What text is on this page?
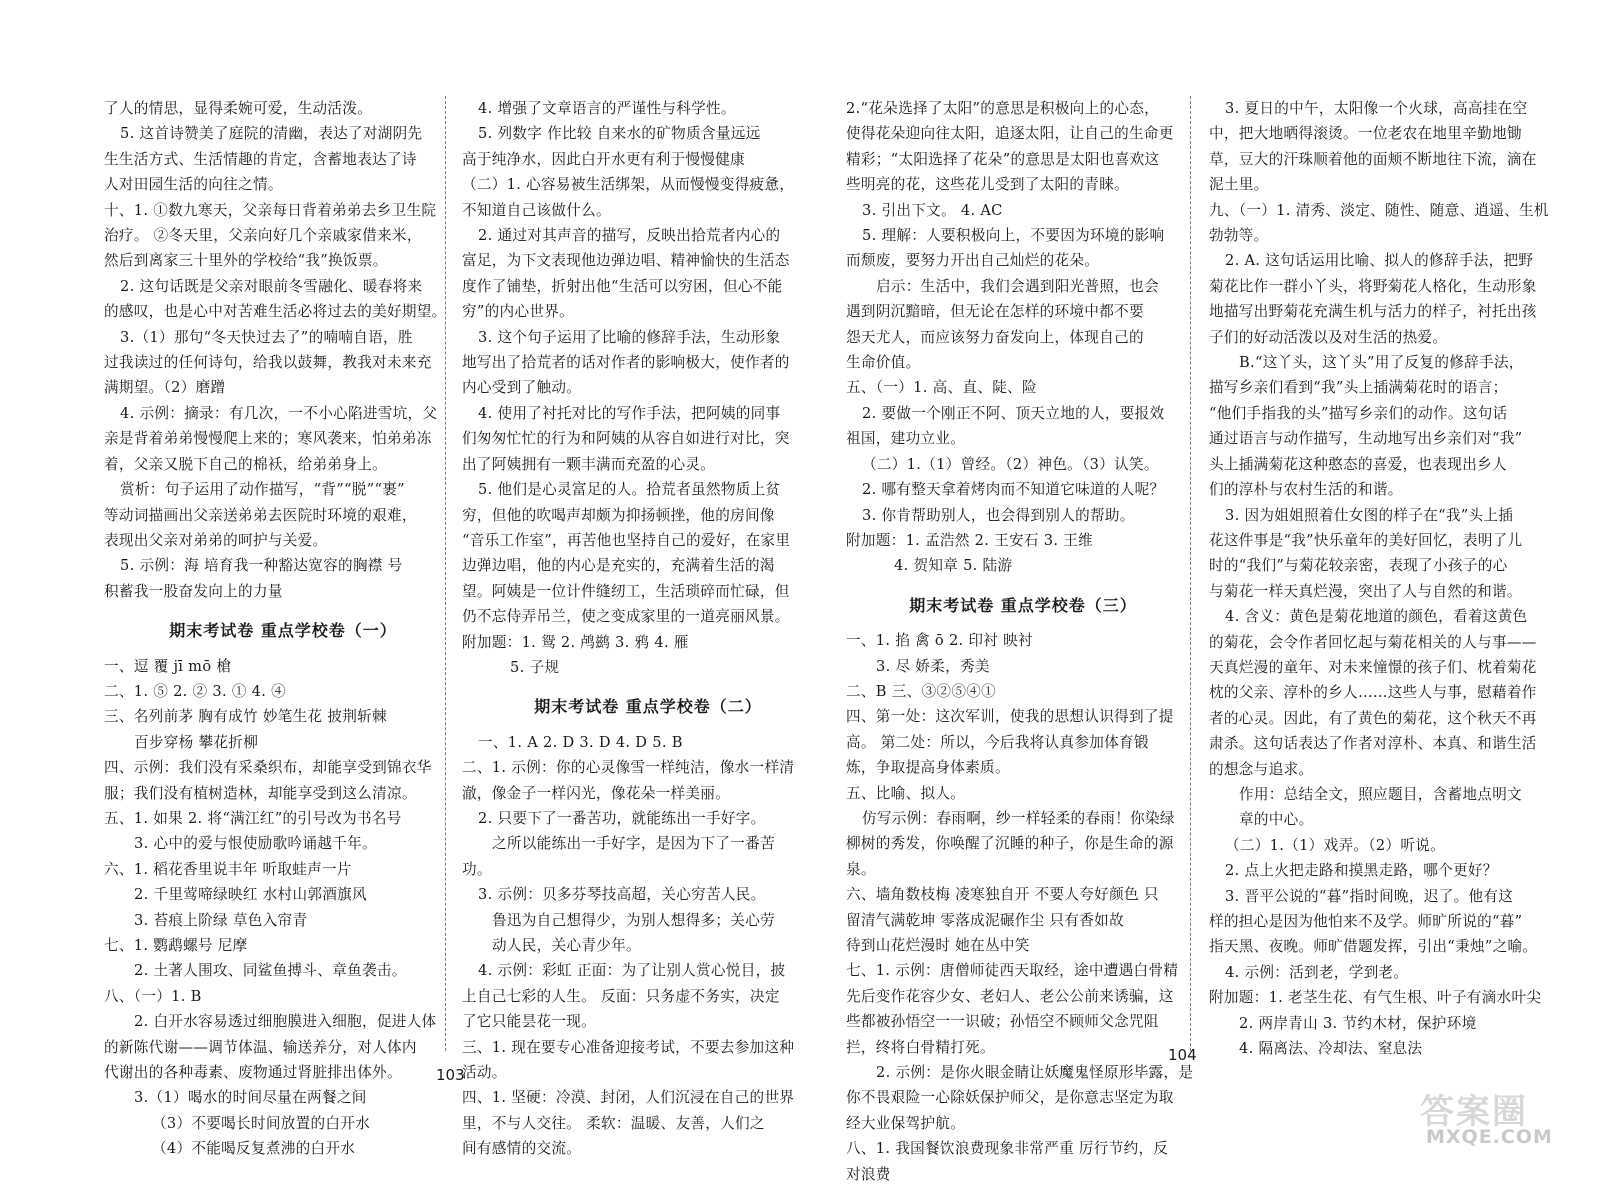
了人的情思，显得柔婉可爱，生动活泼。
5. 这首诗赞美了庭院的清幽，表达了对湖阴先
生生活方式、生活情趣的肯定，含蓄地表达了诗
人对田园生活的向往之情。
十、1. ①数九寒天，父亲每日背着弟弟去乡卫生院
治疗。 ②冬天里，父亲向好几个亲戚家借来米，
然后到离家三十里外的学校给“我”换饭票。
2. 这句话既是父亲对眼前冬雪融化、暖春将来
的感叹，也是心中对苦难生活必将过去的美好期望。
3.（1）那句“冬天快过去了”的喃喃自语，胜
过我读过的任何诗句，给我以鼓舞，教我对未来充
满期望。（2）磨蹭
4. 示例：摘录：有几次，一不小心陷进雪坑，父
亲是背着弟弟慢慢爬上来的；寒风袭来，怕弟弟冻
着，父亲又脱下自己的棉袄，给弟弟身上。
赏析：句子运用了动作描写，“背”“脱”“裹”
等动词描画出父亲送弟弟去医院时环境的艰难，
表现出父亲对弟弟的呵护与关爱。
5. 示例：海 培育我一种豁达宽容的胸襟 号
积蓄我一股奋发向上的力量
期末考试卷 重点学校卷（一）
一、逗 覆 jī mō 槍
二、1. ⑤ 2. ② 3. ① 4. ④
三、名列前茅 胸有成竹 妙笔生花 披荆斩棘
百步穿杨 攀花折柳
四、示例：我们没有采桑织布，却能享受到锦衣华
服；我们没有植树造林，却能享受到这么清凉。
五、1. 如果 2. 将“满江红”的引号改为书名号
3. 心中的爱与恨使励歌吟诵越千年。
六、1. 稻花香里说丰年 听取蛙声一片
2. 千里莺啼绿映红 水村山郭酒旗风
3. 苔痕上阶绿 草色入帘青
七、1. 鹦鹉螺号 尼摩
2. 土著人围攻、同鲨鱼搏斗、章鱼袭击。
八、（一）1. B
2. 白开水容易透过细胞膜进入细胞，促进人体
的新陈代谢——调节体温、输送养分，对人体内
代谢出的各种毒素、废物通过肾脏排出体外。
3.（1）喝水的时间尽量在两餐之间
（3）不要喝长时间放置的白开水
（4）不能喝反复煮沸的白开水
4. 增强了文章语言的严谨性与科学性。
5. 列数字 作比较 自来水的矿物质含量远远
高于纯净水，因此白开水更有利于慢慢健康
（二）1. 心容易被生活绑架，从而慢慢变得疲惫，
不知道自己该做什么。
2. 通过对其声音的描写，反映出拾荒者内心的
富足，为下文表现他边弹边唱、精神愉快的生活态
度作了铺垫，折射出他“生活可以穷困，但心不能
穷”的内心世界。
3. 这个句子运用了比喻的修辞手法，生动形象
地写出了拾荒者的话对作者的影响极大，使作者的
内心受到了触动。
4. 使用了衬托对比的写作手法，把阿姨的同事
们匆匆忙忙的行为和阿姨的从容自如进行对比，突
出了阿姨拥有一颗丰满而充盈的心灵。
5. 他们是心灵富足的人。拾荒者虽然物质上贫
穷，但他的吹喝声却颇为抑扬顿挫，他的房间像
“音乐工作室”，再苦他也坚持自己的爱好，在家里
边弹边唱，他的内心是充实的，充满着生活的渴
望。阿姨是一位计件缝纫工，生活琐碎而忙碌，但
仍不忘侍弄吊兰，使之变成家里的一道亮丽风景。
附加题：1. 鸳 2. 鸬鹚 3. 鸦 4. 雁
5. 子规
期末考试卷 重点学校卷（二）
一、1. A 2. D 3. D 4. D 5. B
二、1. 示例：你的心灵像雪一样纯洁，像水一样清
澈，像金子一样闪光，像花朵一样美丽。
2. 只要下了一番苦功，就能练出一手好字。
之所以能练出一手好字，是因为下了一番苦
功。
3. 示例：贝多芬琴技高超，关心穷苦人民。
鲁迅为自己想得少，为别人想得多；关心劳
动人民，关心青少年。
4. 示例：彩虹 正面：为了让别人赏心悦目，披
上自己七彩的人生。 反面：只务虚不务实，决定
了它只能昙花一现。
三、1. 现在要专心准备迎接考试，不要去参加这种
活动。
四、1. 坚硬：冷漠、封闭，人们沉浸在自己的世界
里，不与人交往。 柔软：温暖、友善，人们之
间有感情的交流。
2.“花朵选择了太阳”的意思是积极向上的心态，
使得花朵迎向往太阳，追逐太阳，让自己的生命更
精彩；“太阳选择了花朵”的意思是太阳也喜欢这
些明亮的花，这些花儿受到了太阳的青睐。
3. 引出下文。 4. AC
5. 理解：人要积极向上，不要因为环境的影响
而颓废，要努力开出自己灿烂的花朵。
启示：生活中，我们会遇到阳光普照，也会
遇到阴沉黯暗，但无论在怎样的环境中都不要
怨天尤人，而应该努力奋发向上，体现自己的
生命价值。
五、（一）1. 高、直、陡、险
2. 要做一个刚正不阿、顶天立地的人，要报效
祖国，建功立业。
（二）1.（1）曾经。（2）神色。（3）认笑。
2. 哪有整天拿着烤肉而不知道它味道的人呢？
3. 你肯帮助别人，也会得到别人的帮助。
附加题：1. 孟浩然 2. 王安石 3. 王维
4. 贺知章 5. 陆游
期末考试卷 重点学校卷（三）
一、1. 掐 禽 ō 2. 印衬 映衬
3. 尽 娇柔，秀美
二、B 三、③②⑤④①
四、第一处：这次军训，使我的思想认识得到了提
高。 第二处：所以，今后我将认真参加体育锻
炼，争取提高身体素质。
五、比喻、拟人。
仿写示例：春雨啊，纱一样轻柔的春雨！你染绿
柳树的秀发，你唤醒了沉睡的种子，你是生命的源
泉。
六、墙角数枝梅 凌寒独自开 不要人夸好颜色 只
留清气满乾坤 零落成泥碾作尘 只有香如故
待到山花烂漫时 她在丛中笑
七、1. 示例：唐僧师徒西天取经，途中遭遇白骨精
先后变作花容少女、老妇人、老公公前来诱骗，这
些都被孙悟空一一识破；孙悟空不顾师父念咒阻
拦，终将白骨精打死。
2. 示例：是你火眼金睛让妖魔鬼怪原形毕露，是
你不畏艰险一心除妖保护师父，是你意志坚定为取
经大业保驾护航。
八、1. 我国餐饮浪费现象非常严重 厉行节约，反
对浪费
3. 夏日的中午，太阳像一个火球，高高挂在空
中，把大地晒得滚烫。一位老农在地里辛勤地锄
草，豆大的汗珠顺着他的面颊不断地往下流，滴在
泥土里。
九、（一）1. 清秀、淡定、随性、随意、逍遥、生机
勃勃等。
2. A. 这句话运用比喻、拟人的修辞手法，把野
菊花比作一群小丫头，将野菊花人格化，生动形象
地描写出野菊花充满生机与活力的样子，衬托出孩
子们的好动活泼以及对生活的热爱。
B.“这丫头，这丫头”用了反复的修辞手法，
描写乡亲们看到“我”头上插满菊花时的语言；
“他们手指我的头”描写乡亲们的动作。这句话
通过语言与动作描写，生动地写出乡亲们对“我”
头上插满菊花这种憨态的喜爱，也表现出乡人
们的淳朴与农村生活的和谐。
3. 因为姐姐照着仕女图的样子在“我”头上插
花这件事是“我”快乐童年的美好回忆，表明了儿
时的“我们”与菊花较亲密，表现了小孩子的心
与菊花一样天真烂漫，突出了人与自然的和谐。
4. 含义：黄色是菊花地道的颜色，看着这黄色
的菊花，会令作者回忆起与菊花相关的人与事——
天真烂漫的童年、对未来憧憬的孩子们、枕着菊花
枕的父亲、淳朴的乡人……这些人与事，慰藉着作
者的心灵。因此，有了黄色的菊花，这个秋天不再
肃杀。这句话表达了作者对淳朴、本真、和谐生活
的想念与追求。
作用：总结全文，照应题目，含蓄地点明文
章的中心。
（二）1.（1）戏弄。（2）听说。
2. 点上火把走路和摸黑走路，哪个更好？
3. 晋平公说的“暮”指时间晚，迟了。他有这
样的担心是因为他怕来不及学。师旷所说的“暮”
指天黑、夜晚。师旷借题发挥，引出“秉烛”之喻。
4. 示例：活到老，学到老。
附加题：1. 老茎生花、有气生根、叶子有滴水叶尖
2. 两岸青山 3. 节约木材，保护环境
4. 隔离法、冷却法、窒息法
103
104
答案圈
MXQE.COM
